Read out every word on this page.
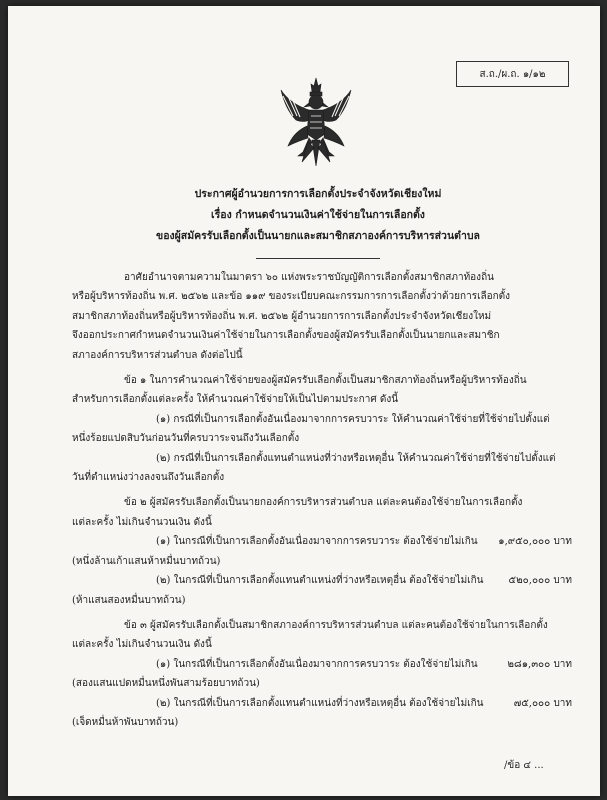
ส.ถ./ผ.ถ. ๑/๑๒
ประกาศผู้อำนวยการการเลือกตั้งประจำจังหวัดเชียงใหม่
เรื่อง กำหนดจำนวนเงินค่าใช้จ่ายในการเลือกตั้ง
ของผู้สมัครรับเลือกตั้งเป็นนายกและสมาชิกสภาองค์การบริหารส่วนตำบล

อาศัยอำนาจตามความในมาตรา ๖๐ แห่งพระราชบัญญัติการเลือกตั้งสมาชิกสภาท้องถิ่น

หรือผู้บริหารท้องถิ่น พ.ศ. ๒๕๖๒ และข้อ ๑๑๙ ของระเบียบคณะกรรมการการเลือกตั้งว่าด้วยการเลือกตั้ง

สมาชิกสภาท้องถิ่นหรือผู้บริหารท้องถิ่น พ.ศ. ๒๕๖๒ ผู้อำนวยการการเลือกตั้งประจำจังหวัดเชียงใหม่

จึงออกประกาศกำหนดจำนวนเงินค่าใช้จ่ายในการเลือกตั้งของผู้สมัครรับเลือกตั้งเป็นนายกและสมาชิก

สภาองค์การบริหารส่วนตำบล ดังต่อไปนี้

ข้อ ๑ ในการคำนวณค่าใช้จ่ายของผู้สมัครรับเลือกตั้งเป็นสมาชิกสภาท้องถิ่นหรือผู้บริหารท้องถิ่น

สำหรับการเลือกตั้งแต่ละครั้ง ให้คำนวณค่าใช้จ่ายให้เป็นไปตามประกาศ ดังนี้

(๑) กรณีที่เป็นการเลือกตั้งอันเนื่องมาจากการครบวาระ ให้คำนวณค่าใช้จ่ายที่ใช้จ่ายไปตั้งแต่

หนึ่งร้อยแปดสิบวันก่อนวันที่ครบวาระจนถึงวันเลือกตั้ง

(๒) กรณีที่เป็นการเลือกตั้งแทนตำแหน่งที่ว่างหรือเหตุอื่น ให้คำนวณค่าใช้จ่ายที่ใช้จ่ายไปตั้งแต่

วันที่ตำแหน่งว่างลงจนถึงวันเลือกตั้ง

ข้อ ๒ ผู้สมัครรับเลือกตั้งเป็นนายกองค์การบริหารส่วนตำบล แต่ละคนต้องใช้จ่ายในการเลือกตั้ง

แต่ละครั้ง ไม่เกินจำนวนเงิน ดังนี้

(๑) ในกรณีที่เป็นการเลือกตั้งอันเนื่องมาจากการครบวาระ ต้องใช้จ่ายไม่เกิน ๑,๙๕๐,๐๐๐ บาท

(หนึ่งล้านเก้าแสนห้าหมื่นบาทถ้วน)

(๒) ในกรณีที่เป็นการเลือกตั้งแทนตำแหน่งที่ว่างหรือเหตุอื่น ต้องใช้จ่ายไม่เกิน	๕๒๐,๐๐๐ บาท

(ห้าแสนสองหมื่นบาทถ้วน)

ข้อ ๓ ผู้สมัครรับเลือกตั้งเป็นสมาชิกสภาองค์การบริหารส่วนตำบล แต่ละคนต้องใช้จ่ายในการเลือกตั้ง

แต่ละครั้ง ไม่เกินจำนวนเงิน ดังนี้

(๑) ในกรณีที่เป็นการเลือกตั้งอันเนื่องมาจากการครบวาระ ต้องใช้จ่ายไม่เกิน	๒๘๑,๓๐๐ บาท

(สองแสนแปดหมื่นหนึ่งพันสามร้อยบาทถ้วน)

(๒) ในกรณีที่เป็นการเลือกตั้งแทนตำแหน่งที่ว่างหรือเหตุอื่น ต้องใช้จ่ายไม่เกิน	๗๕,๐๐๐ บาท

(เจ็ดหมื่นห้าพันบาทถ้วน)

/ข้อ ๔ ...
